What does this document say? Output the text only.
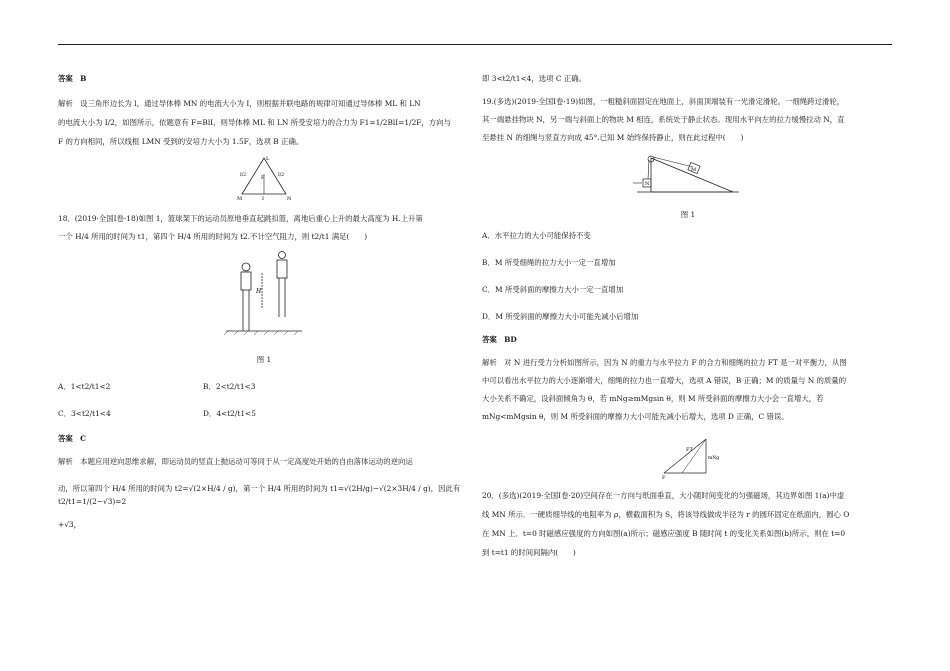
答案　B

解析　设三角形边长为 l，通过导体棒 MN 的电流大小为 I，则根据并联电路的规律可知通过导体棒 ML 和 LN

的电流大小为 I/2，如图所示，依题意有 F=BlI，则导体棒 ML 和 LN 所受安培力的合力为 F1=1/2BlI=1/2F，方向与

F 的方向相同，所以线框 LMN 受到的安培力大小为 1.5F，选项 B 正确。

L
I/2	F	I/2
M	I	N

18．(2019·全国Ⅰ卷·18)如图 1，篮球架下的运动员原地垂直起跳扣篮，离地后重心上升的最大高度为 H.上升第

一个 H/4 所用的时间为 t1，第四个 H/4 所用的时间为 t2.不计空气阻力，则 t2/t1 满足(　　)

H

图 1

A．1<t2/t1<2	B．2<t2/t1<3
C．3<t2/t1<4	D．4<t2/t1<5

答案　C

解析　本题应用逆向思维求解，即运动员的竖直上抛运动可等同于从一定高度处开始的自由落体运动的逆向运

动，所以第四个 H/4 所用的时间为 t2=√(2×H/4 / g)，第一个 H/4 所用的时间为 t1=√(2H/g)−√(2×3H/4 / g)，因此有 t2/t1=1/(2−√3)=2

+√3，

即 3<t2/t1<4，选项 C 正确。

19.(多选)(2019·全国Ⅰ卷·19)如图，一粗糙斜面固定在地面上，斜面顶端装有一光滑定滑轮。一细绳跨过滑轮，

其一端悬挂物块 N，另一端与斜面上的物块 M 相连，系统处于静止状态。现用水平向左的拉力缓慢拉动 N，直

至悬挂 N 的细绳与竖直方向成 45°.已知 M 始终保持静止，则在此过程中(　　)

M
N

图 1

A．水平拉力的大小可能保持不变

B．M 所受细绳的拉力大小一定一直增加

C．M 所受斜面的摩擦力大小一定一直增加

D．M 所受斜面的摩擦力大小可能先减小后增加

答案　BD

解析　对 N 进行受力分析如图所示，因为 N 的重力与水平拉力 F 的合力和细绳的拉力 FT 是一对平衡力，从图

中可以看出水平拉力的大小逐渐增大，细绳的拉力也一直增大，选项 A 错误，B 正确；M 的质量与 N 的质量的

大小关系不确定，设斜面倾角为 θ，若 mNg≥mMgsin θ，则 M 所受斜面的摩擦力大小会一直增大，若

mNg<mMgsin θ，则 M 所受斜面的摩擦力大小可能先减小后增大，选项 D 正确，C 错误。

FT
F
mNg

20．(多选)(2019·全国Ⅰ卷·20)空间存在一方向与纸面垂直，大小随时间变化的匀强磁场，其边界如图 1(a)中虚

线 MN 所示．一硬质细导线的电阻率为 ρ，横截面积为 S，将该导线做成半径为 r 的圆环固定在纸面内，圆心 O

在 MN 上．t=0 时磁感应强度的方向如图(a)所示；磁感应强度 B 随时间 t 的变化关系如图(b)所示，则在 t=0

到 t=t1 的时间间隔内(　　)
